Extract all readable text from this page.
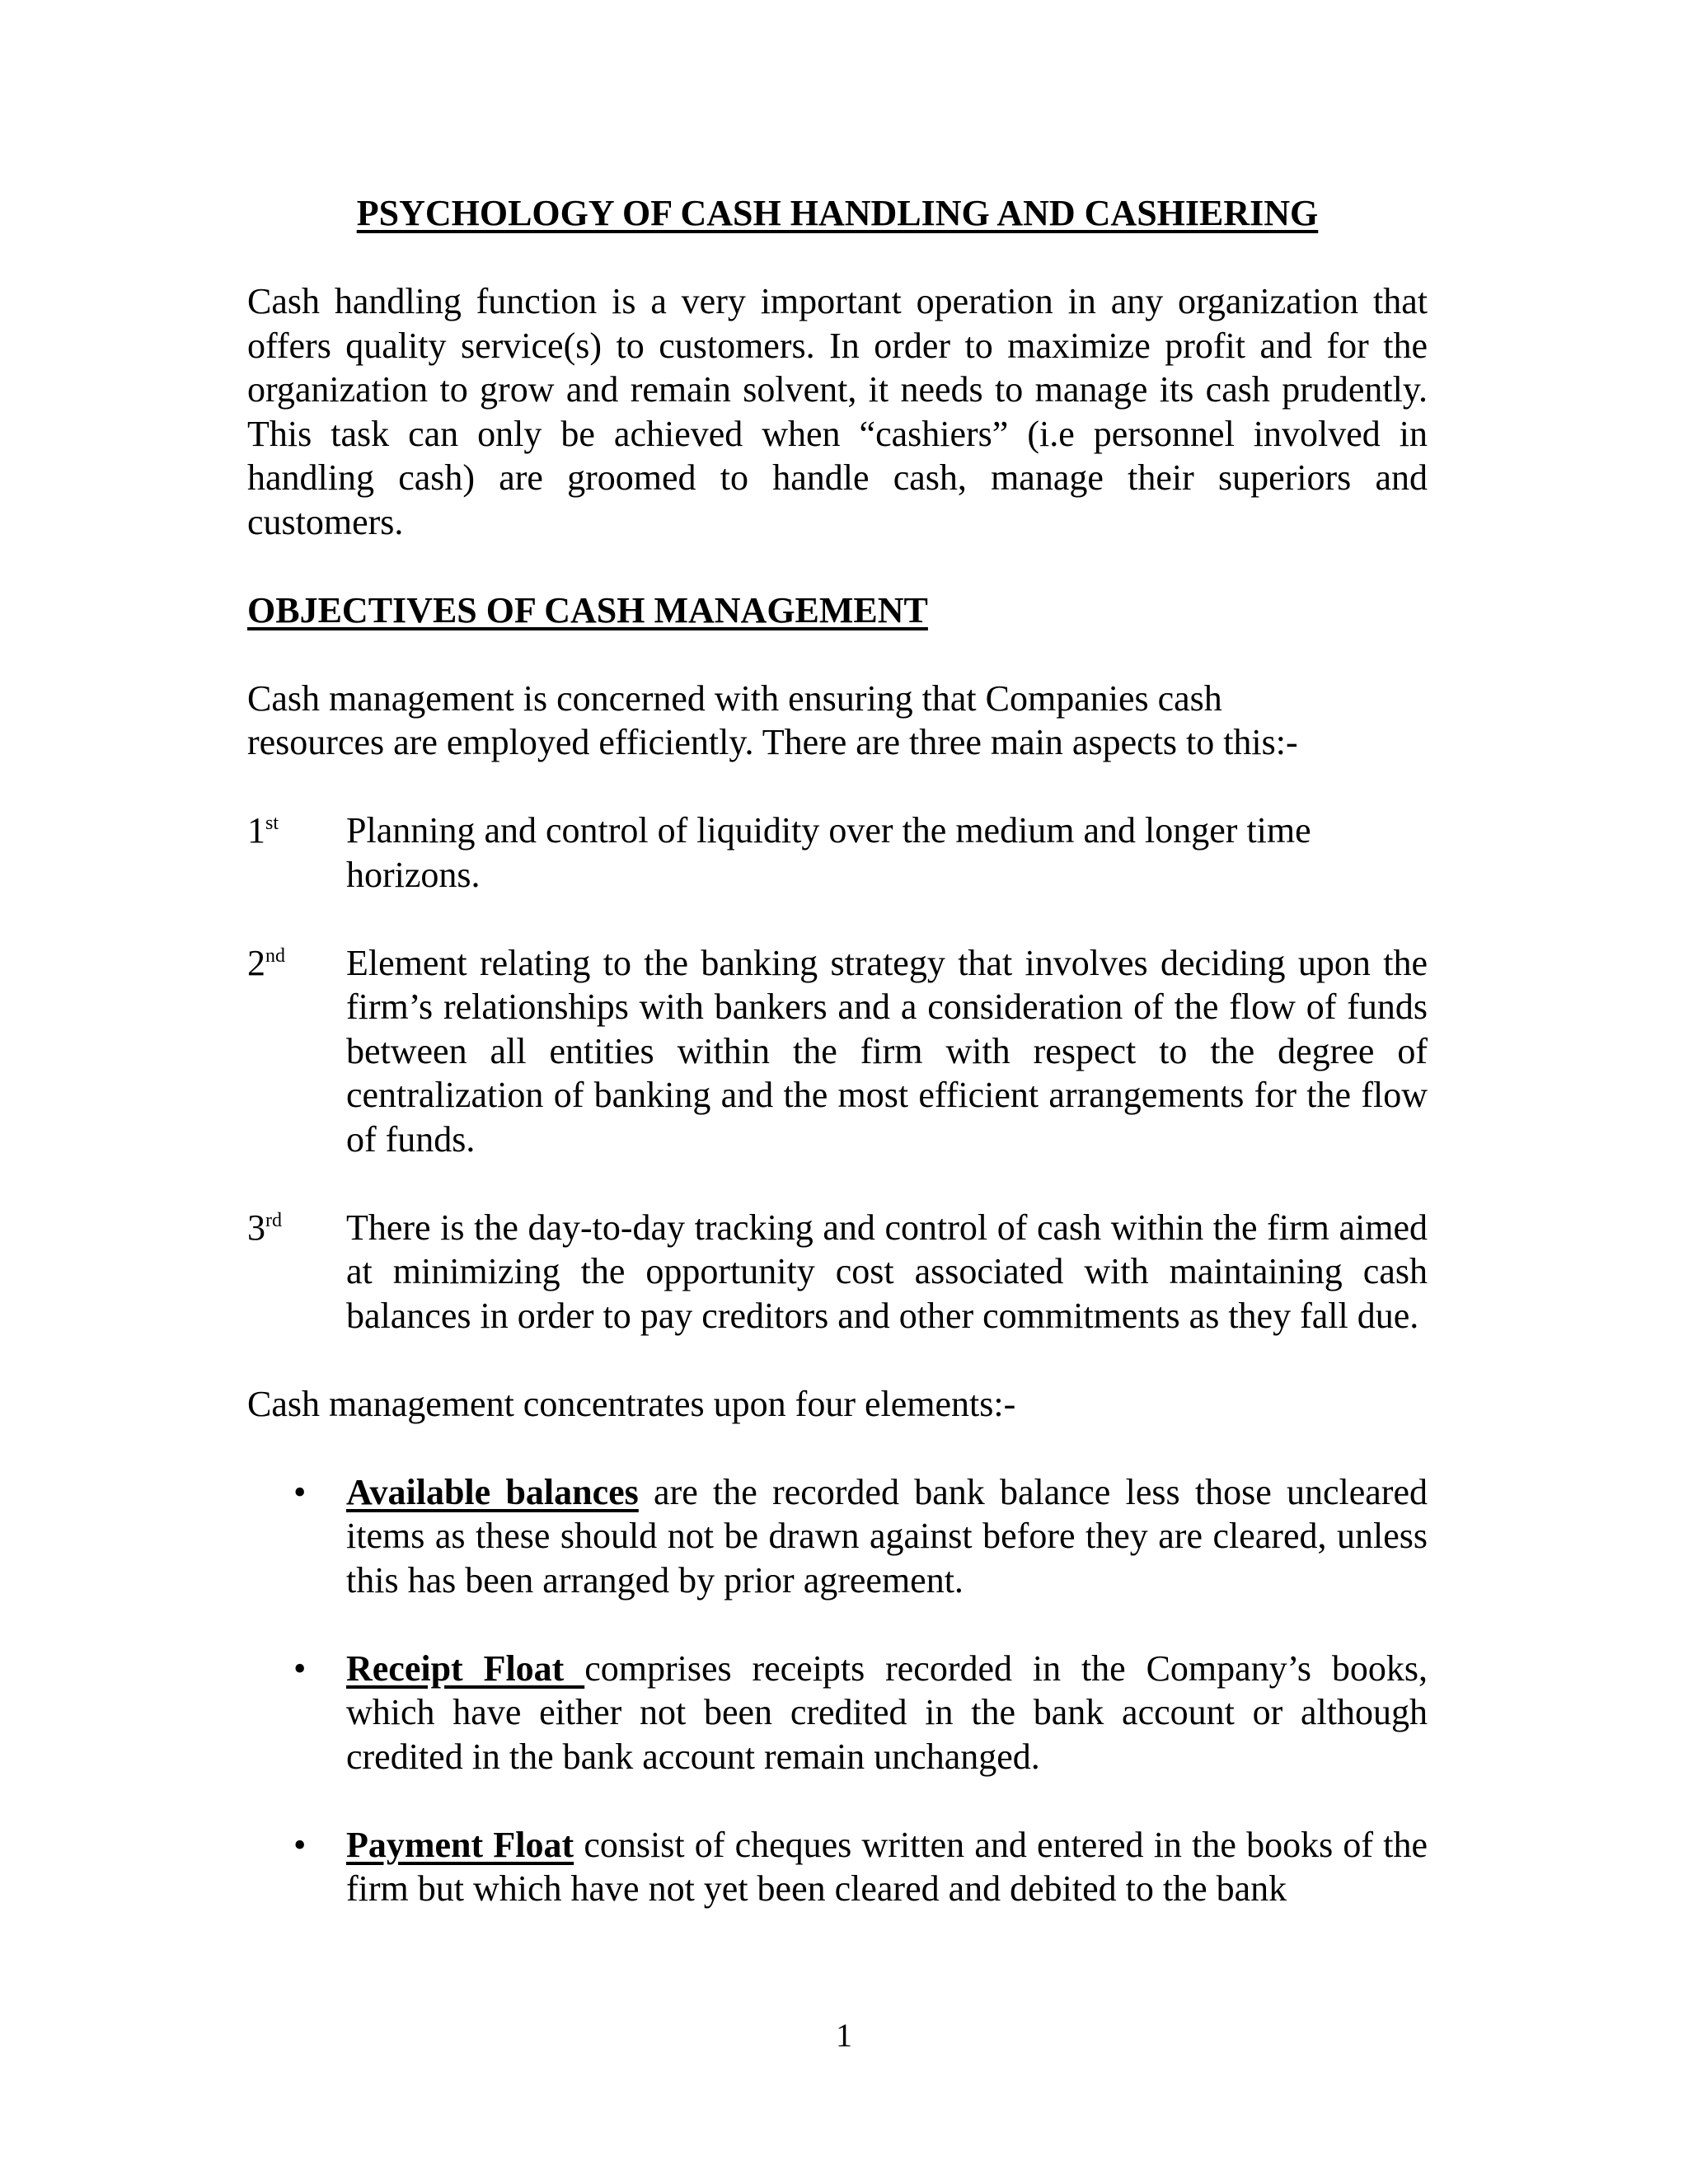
PSYCHOLOGY OF CASH HANDLING AND CASHIERING

Cash handling function is a very important operation in any organization that offers quality service(s) to customers. In order to maximize profit and for the organization to grow and remain solvent, it needs to manage its cash prudently. This task can only be achieved when “cashiers” (i.e personnel involved in handling cash) are groomed to handle cash, manage their superiors and customers.

OBJECTIVES OF CASH MANAGEMENT

Cash management is concerned with ensuring that Companies cash
resources are employed efficiently. There are three main aspects to this:-
1st	Planning and control of liquidity over the medium and longer time
horizons.
2nd	Element relating to the banking strategy that involves deciding upon the firm’s relationships with bankers and a consideration of the flow of funds between all entities within the firm with respect to the degree of centralization of banking and the most efficient arrangements for the flow of funds.
3rd	There is the day-to-day tracking and control of cash within the firm aimed at minimizing the opportunity cost associated with maintaining cash balances in order to pay creditors and other commitments as they fall due.

Cash management concentrates upon four elements:-

•	Available balances are the recorded bank balance less those uncleared items as these should not be drawn against before they are cleared, unless this has been arranged by prior agreement.
•	Receipt Float comprises receipts recorded in the Company’s books, which have either not been credited in the bank account or although credited in the bank account remain unchanged.
•	Payment Float consist of cheques written and entered in the books of the firm but which have not yet been cleared and debited to the bank
1
